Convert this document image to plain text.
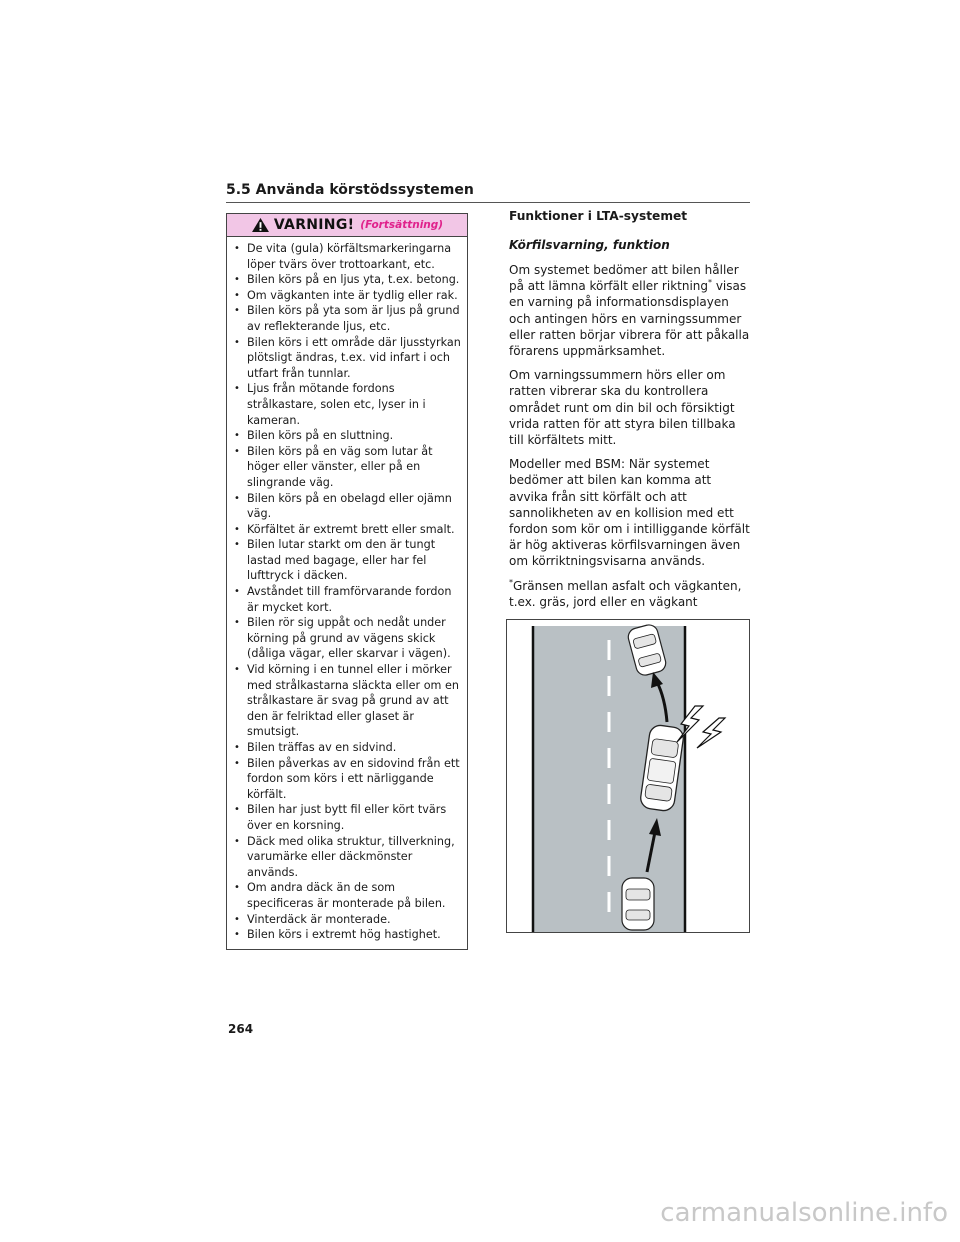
5.5 Använda körstödssystemen
VARNING! (Fortsättning)
• De vita (gula) körfältsmarkeringarna löper tvärs över trottoarkant, etc.
• Bilen körs på en ljus yta, t.ex. betong.
• Om vägkanten inte är tydlig eller rak.
• Bilen körs på yta som är ljus på grund av reflekterande ljus, etc.
• Bilen körs i ett område där ljusstyrkan plötsligt ändras, t.ex. vid infart i och utfart från tunnlar.
• Ljus från mötande fordons strålkastare, solen etc, lyser in i kameran.
• Bilen körs på en sluttning.
• Bilen körs på en väg som lutar åt höger eller vänster, eller på en slingrande väg.
• Bilen körs på en obelagd eller ojämn väg.
• Körfältet är extremt brett eller smalt.
• Bilen lutar starkt om den är tungt lastad med bagage, eller har fel lufttryck i däcken.
• Avståndet till framförvarande fordon är mycket kort.
• Bilen rör sig uppåt och nedåt under körning på grund av vägens skick (dåliga vägar, eller skarvar i vägen).
• Vid körning i en tunnel eller i mörker med strålkastarna släckta eller om en strålkastare är svag på grund av att den är felriktad eller glaset är smutsigt.
• Bilen träffas av en sidvind.
• Bilen påverkas av en sidovind från ett fordon som körs i ett närliggande körfält.
• Bilen har just bytt fil eller kört tvärs över en korsning.
• Däck med olika struktur, tillverkning, varumärke eller däckmönster används.
• Om andra däck än de som specificeras är monterade på bilen.
• Vinterdäck är monterade.
• Bilen körs i extremt hög hastighet.

Funktioner i LTA-systemet

Körfilsvarning, funktion

Om systemet bedömer att bilen håller på att lämna körfält eller riktning* visas en varning på informationsdisplayen och antingen hörs en varningssummer eller ratten börjar vibrera för att påkalla förarens uppmärksamhet.

Om varningssummern hörs eller om ratten vibrerar ska du kontrollera området runt om din bil och försiktigt vrida ratten för att styra bilen tillbaka till körfältets mitt.

Modeller med BSM: När systemet bedömer att bilen kan komma att avvika från sitt körfält och att sannolikheten av en kollision med ett fordon som kör om i intilliggande körfält är hög aktiveras körfilsvarningen även om körriktningsvisarna används.

*Gränsen mellan asfalt och vägkanten, t.ex. gräs, jord eller en vägkant

264
carmanualsonline.info
